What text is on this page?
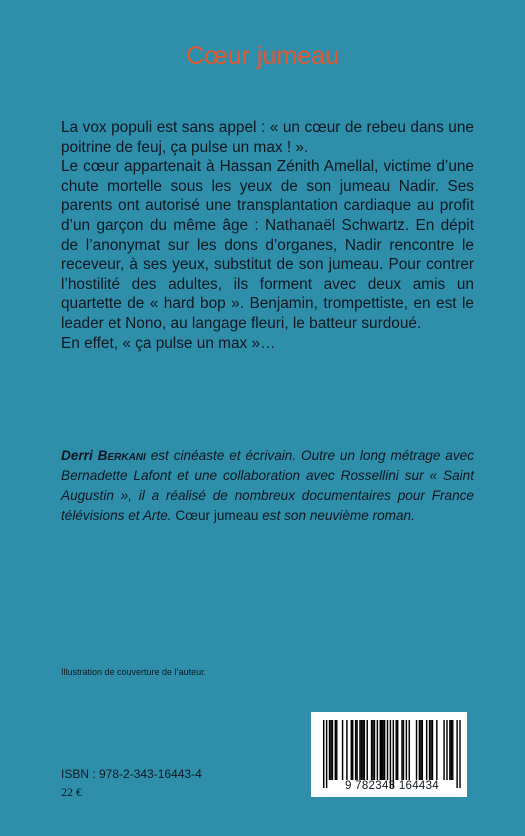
Cœur jumeau

La vox populi est sans appel : « un cœur de rebeu dans une poitrine de feuj, ça pulse un max ! ».

Le cœur appartenait à Hassan Zénith Amellal, victime d’une chute mortelle sous les yeux de son jumeau Nadir. Ses parents ont autorisé une transplantation cardiaque au profit d’un garçon du même âge : Nathanaël Schwartz. En dépit de l’anonymat sur les dons d’organes, Nadir rencontre le receveur, à ses yeux, substitut de son jumeau. Pour contrer l’hostilité des adultes, ils forment avec deux amis un quartette de « hard bop ». Benjamin, trompettiste, en est le leader et Nono, au langage fleuri, le batteur surdoué.

En effet, « ça pulse un max »…

Derri Berkani est cinéaste et écrivain. Outre un long métrage avec Bernadette Lafont et une collaboration avec Rossellini sur « Saint Augustin », il a réalisé de nombreux documentaires pour France télévisions et Arte. Cœur jumeau est son neuvième roman.

Illustration de couverture de l’auteur.
9 782343 164434
ISBN : 978-2-343-16443-4
22 €
